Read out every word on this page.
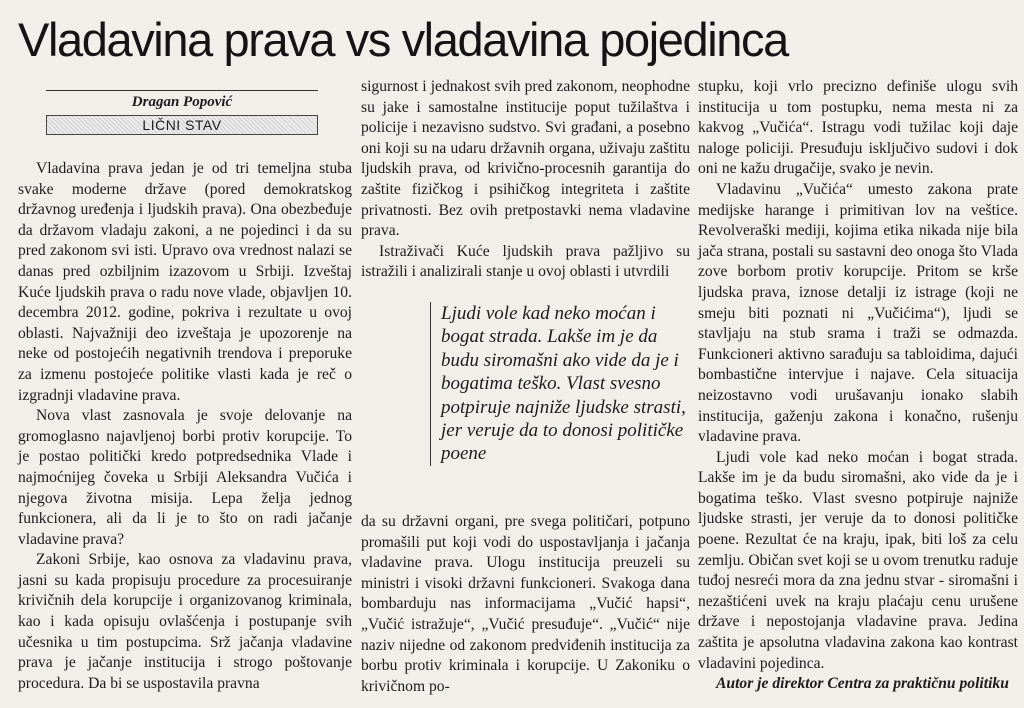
Vladavina prava vs vladavina pojedinca
Dragan Popović
LIČNI STAV

Vladavina prava jedan je od tri temeljna stuba svake moderne države (pored demokratskog državnog uređenja i ljudskih prava). Ona obezbeđuje da državom vladaju zakoni, a ne pojedinci i da su pred zakonom svi isti. Upravo ova vrednost nalazi se danas pred ozbiljnim izazovom u Srbiji. Izveštaj Kuće ljudskih prava o radu nove vlade, objavljen 10. decembra 2012. godine, pokriva i rezultate u ovoj oblasti. Najvažniji deo izveštaja je upozorenje na neke od postojećih negativnih trendova i preporuke za izmenu postojeće politike vlasti kada je reč o izgradnji vladavine prava.

Nova vlast zasnovala je svoje delovanje na gromoglasno najavljenoj borbi protiv korupcije. To je postao politički kredo potpredsednika Vlade i najmoćnijeg čoveka u Srbiji Aleksandra Vučića i njegova životna misija. Lepa želja jednog funkcionera, ali da li je to što on radi jačanje vladavine prava?

Zakoni Srbije, kao osnova za vladavinu prava, jasni su kada propisuju procedure za procesuiranje krivičnih dela korupcije i organizovanog kriminala, kao i kada opisuju ovlašćenja i postupanje svih učesnika u tim postupcima. Srž jačanja vladavine prava je jačanje institucija i strogo poštovanje procedura. Da bi se uspostavila pravna

sigurnost i jednakost svih pred zakonom, neophodne su jake i samostalne institucije poput tužilaštva i policije i nezavisno sudstvo. Svi građani, a posebno oni koji su na udaru državnih organa, uživaju zaštitu ljudskih prava, od krivično-procesnih garantija do zaštite fizičkog i psihičkog integriteta i zaštite privatnosti. Bez ovih pretpostavki nema vladavine prava.

Istraživači Kuće ljudskih prava pažljivo su istražili i analizirali stanje u ovoj oblasti i utvrdili

Ljudi vole kad neko moćan i bogat strada. Lakše im je da budu siromašni ako vide da je i bogatima teško. Vlast svesno potpiruje najniže ljudske strasti, jer veruje da to donosi političke poene

da su državni organi, pre svega političari, potpuno promašili put koji vodi do uspostavljanja i jačanja vladavine prava. Ulogu institucija preuzeli su ministri i visoki državni funkcioneri. Svakoga dana bombarduju nas informacijama „Vučić hapsi“, „Vučić istražuje“, „Vučić presuđuje“. „Vučić“ nije naziv nijedne od zakonom predviđenih institucija za borbu protiv kriminala i korupcije. U Zakoniku o krivičnom po-

stupku, koji vrlo precizno definiše ulogu svih institucija u tom postupku, nema mesta ni za kakvog „Vučića“. Istragu vodi tužilac koji daje naloge policiji. Presuđuju isključivo sudovi i dok oni ne kažu drugačije, svako je nevin.

Vladavinu „Vučića“ umesto zakona prate medijske harange i primitivan lov na veštice. Revolveraški mediji, kojima etika nikada nije bila jača strana, postali su sastavni deo onoga što Vlada zove borbom protiv korupcije. Pritom se krše ljudska prava, iznose detalji iz istrage (koji ne smeju biti poznati ni „Vučićima“), ljudi se stavljaju na stub srama i traži se odmazda. Funkcioneri aktivno sarađuju sa tabloidima, dajući bombastične intervjue i najave. Cela situacija neizostavno vodi urušavanju ionako slabih institucija, gaženju zakona i konačno, rušenju vladavine prava.

Ljudi vole kad neko moćan i bogat strada. Lakše im je da budu siromašni, ako vide da je i bogatima teško. Vlast svesno potpiruje najniže ljudske strasti, jer veruje da to donosi političke poene. Rezultat će na kraju, ipak, biti loš za celu zemlju. Običan svet koji se u ovom trenutku raduje tuđoj nesreći mora da zna jednu stvar - siromašni i nezaštićeni uvek na kraju plaćaju cenu urušene države i nepostojanja vladavine prava. Jedina zaštita je apsolutna vladavina zakona kao kontrast vladavini pojedinca.

Autor je direktor Centra za praktičnu politiku
